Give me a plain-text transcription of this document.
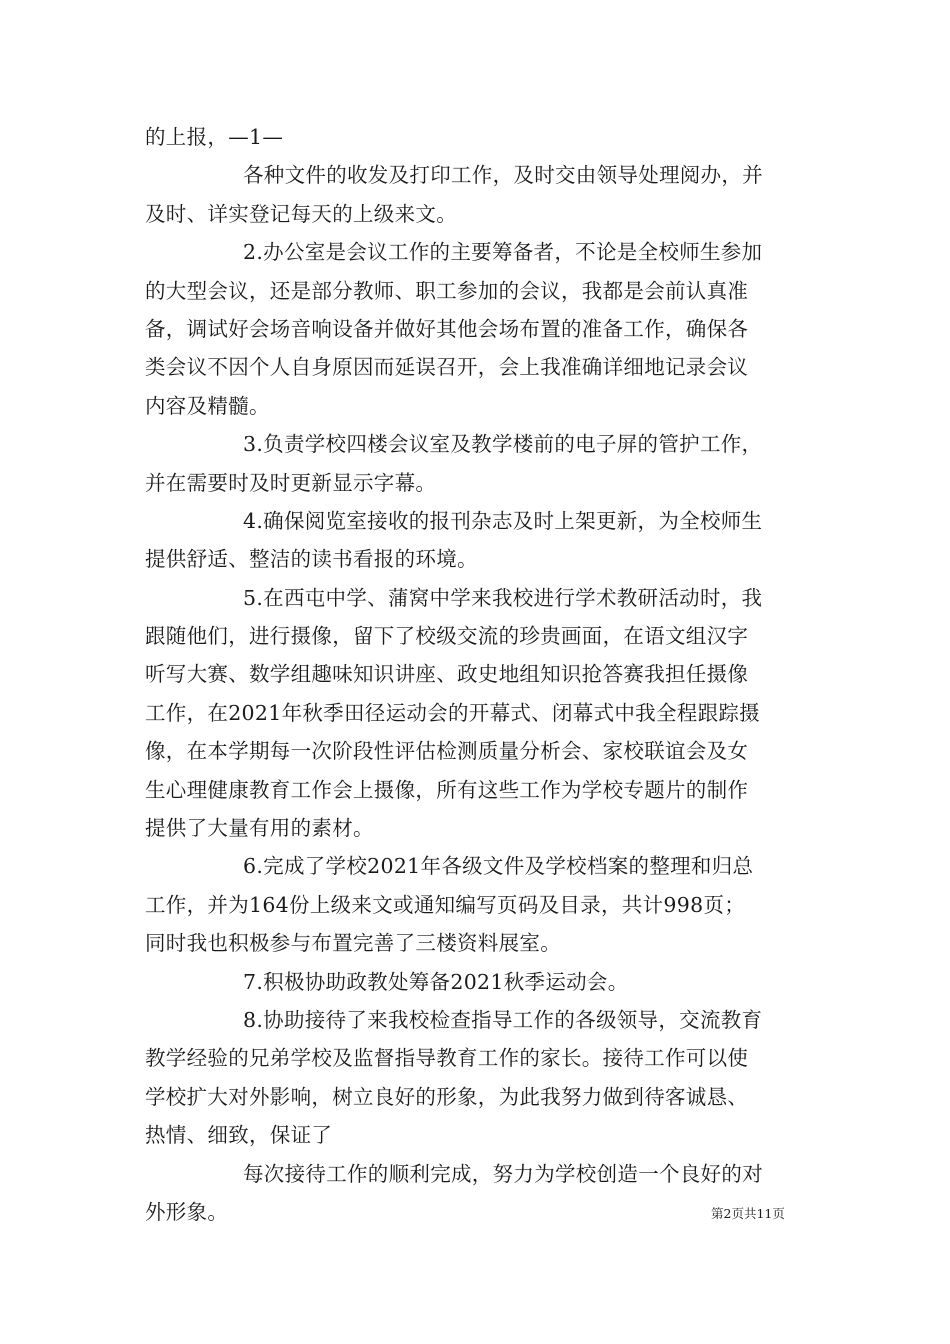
的上报，—1—
各种文件的收发及打印工作，及时交由领导处理阅办，并
及时、详实登记每天的上级来文。
2.办公室是会议工作的主要筹备者，不论是全校师生参加
的大型会议，还是部分教师、职工参加的会议，我都是会前认真准
备，调试好会场音响设备并做好其他会场布置的准备工作，确保各
类会议不因个人自身原因而延误召开，会上我准确详细地记录会议
内容及精髓。
3.负责学校四楼会议室及教学楼前的电子屏的管护工作，
并在需要时及时更新显示字幕。
4.确保阅览室接收的报刊杂志及时上架更新，为全校师生
提供舒适、整洁的读书看报的环境。
5.在西屯中学、蒲窝中学来我校进行学术教研活动时，我
跟随他们，进行摄像，留下了校级交流的珍贵画面，在语文组汉字
听写大赛、数学组趣味知识讲座、政史地组知识抢答赛我担任摄像
工作，在2021年秋季田径运动会的开幕式、闭幕式中我全程跟踪摄
像，在本学期每一次阶段性评估检测质量分析会、家校联谊会及女
生心理健康教育工作会上摄像，所有这些工作为学校专题片的制作
提供了大量有用的素材。
6.完成了学校2021年各级文件及学校档案的整理和归总
工作，并为164份上级来文或通知编写页码及目录，共计998页；
同时我也积极参与布置完善了三楼资料展室。
7.积极协助政教处筹备2021秋季运动会。
8.协助接待了来我校检查指导工作的各级领导，交流教育
教学经验的兄弟学校及监督指导教育工作的家长。接待工作可以使
学校扩大对外影响，树立良好的形象，为此我努力做到待客诚恳、
热情、细致，保证了
每次接待工作的顺利完成，努力为学校创造一个良好的对
外形象。	第2页共11页
